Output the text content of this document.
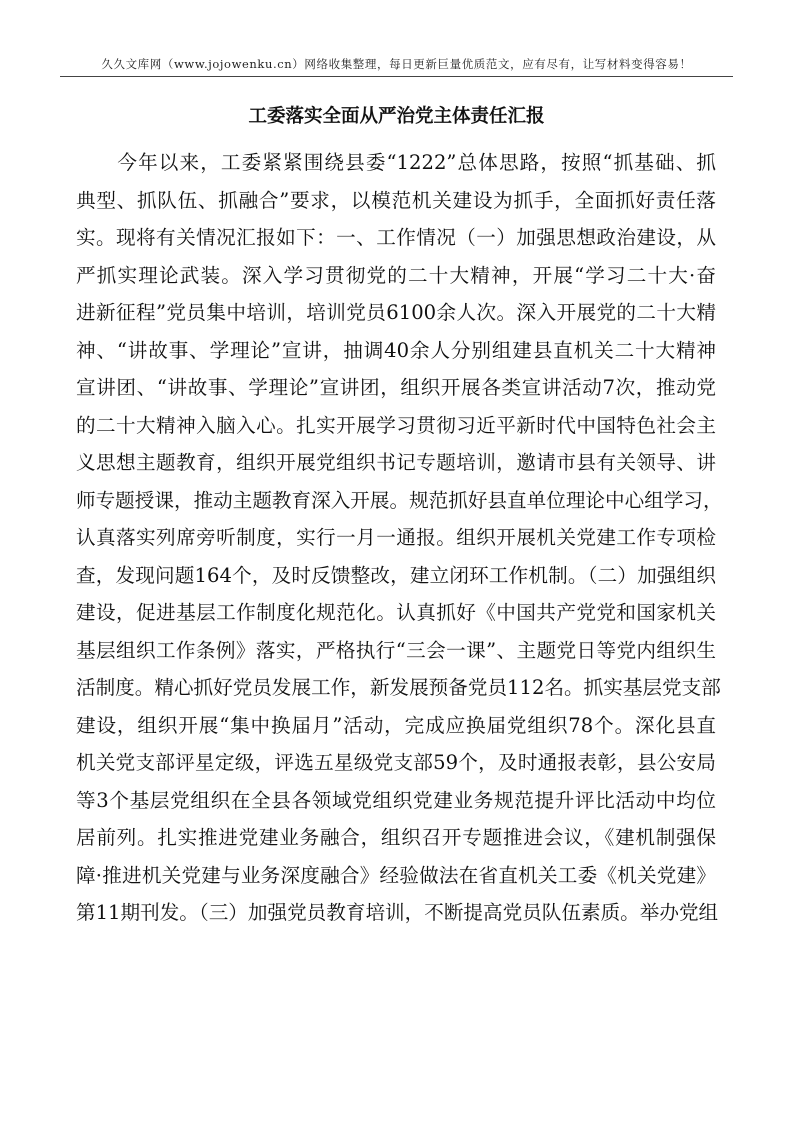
久久文库网（www.jojowenku.cn）网络收集整理，每日更新巨量优质范文，应有尽有，让写材料变得容易！
工委落实全面从严治党主体责任汇报
　　今年以来，工委紧紧围绕县委“1222”总体思路，按照“抓基础、抓
典型、抓队伍、抓融合”要求，以模范机关建设为抓手，全面抓好责任落
实。现将有关情况汇报如下：一、工作情况（一）加强思想政治建设，从
严抓实理论武装。深入学习贯彻党的二十大精神，开展“学习二十大·奋
进新征程”党员集中培训，培训党员6100余人次。深入开展党的二十大精
神、“讲故事、学理论”宣讲，抽调40余人分别组建县直机关二十大精神
宣讲团、“讲故事、学理论”宣讲团，组织开展各类宣讲活动7次，推动党
的二十大精神入脑入心。扎实开展学习贯彻习近平新时代中国特色社会主
义思想主题教育，组织开展党组织书记专题培训，邀请市县有关领导、讲
师专题授课，推动主题教育深入开展。规范抓好县直单位理论中心组学习，
认真落实列席旁听制度，实行一月一通报。组织开展机关党建工作专项检
查，发现问题164个，及时反馈整改，建立闭环工作机制。（二）加强组织
建设，促进基层工作制度化规范化。认真抓好《中国共产党党和国家机关
基层组织工作条例》落实，严格执行“三会一课”、主题党日等党内组织生
活制度。精心抓好党员发展工作，新发展预备党员112名。抓实基层党支部
建设，组织开展“集中换届月”活动，完成应换届党组织78个。深化县直
机关党支部评星定级，评选五星级党支部59个，及时通报表彰，县公安局
等3个基层党组织在全县各领域党组织党建业务规范提升评比活动中均位
居前列。扎实推进党建业务融合，组织召开专题推进会议，《建机制强保
障·推进机关党建与业务深度融合》经验做法在省直机关工委《机关党建》
第11期刊发。（三）加强党员教育培训，不断提高党员队伍素质。举办党组
